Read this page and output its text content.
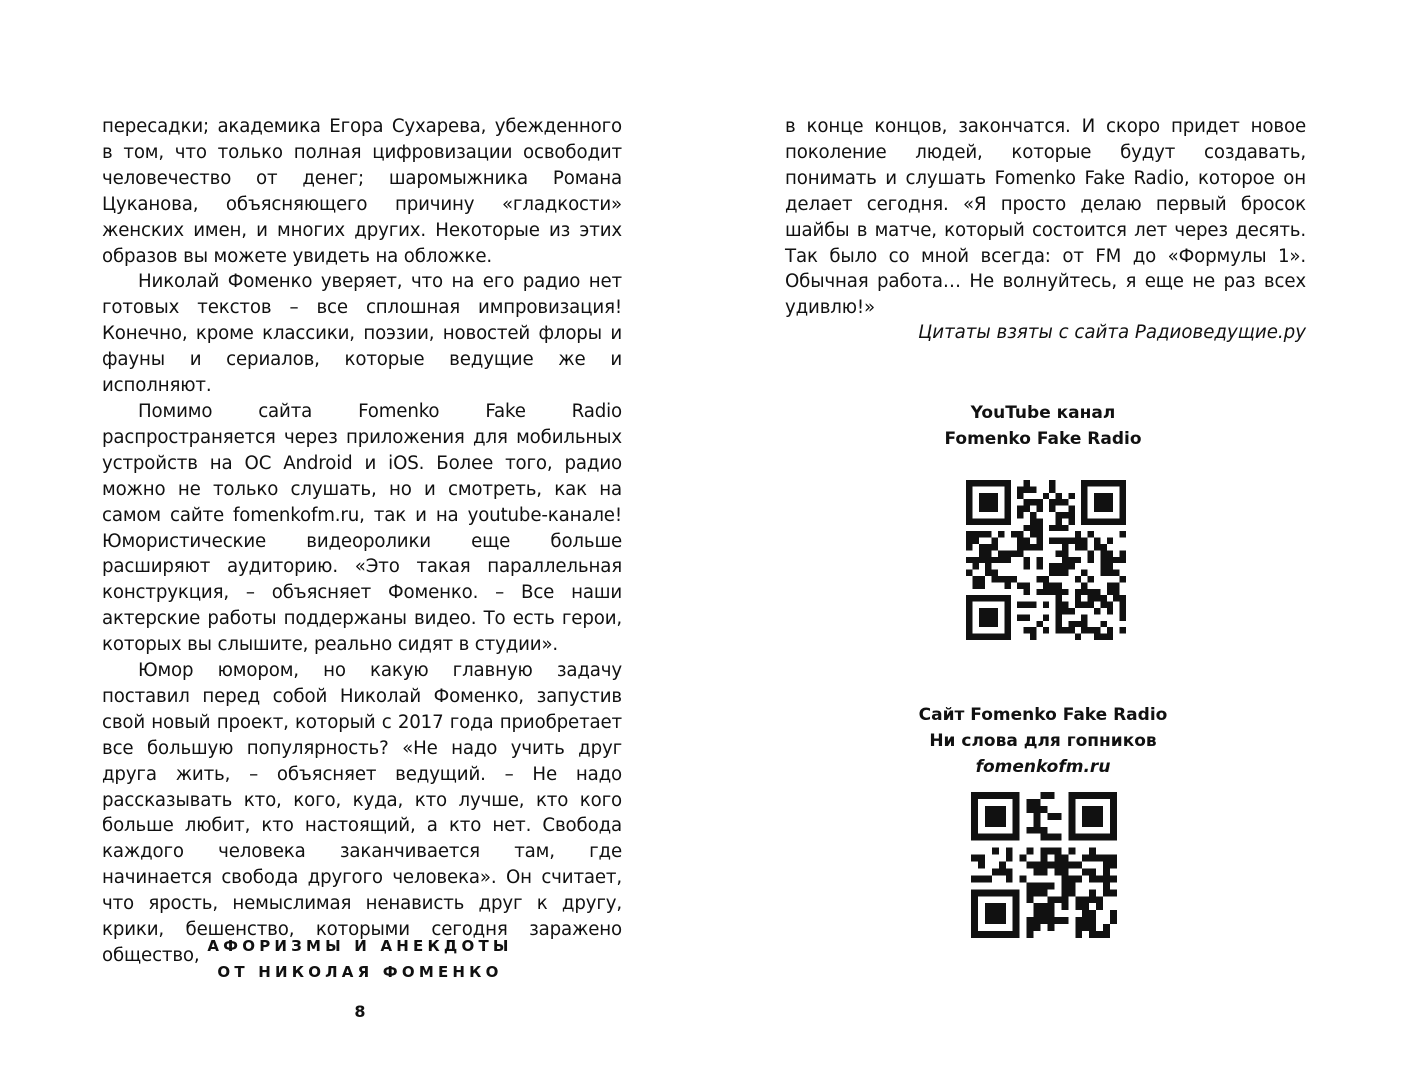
пересадки; академика Егора Сухарева, убежденного в том, что только полная цифровизации освободит человечество от денег; шаромыжника Романа Цуканова, объясняющего причину «гладкости» женских имен, и многих других. Некоторые из этих образов вы можете увидеть на обложке.

Николай Фоменко уверяет, что на его радио нет готовых текстов – все сплошная импровизация! Конечно, кроме классики, поэзии, новостей флоры и фауны и сериалов, которые ведущие же и исполняют.

Помимо сайта Fomenko Fake Radio распространяется через приложения для мобильных устройств на ОС Android и iOS. Более того, радио можно не только слушать, но и смотреть, как на самом сайте fomenkofm.ru, так и на youtube-канале! Юмористические видеоролики еще больше расширяют аудиторию. «Это такая параллельная конструкция, – объясняет Фоменко. – Все наши актерские работы поддержаны видео. То есть герои, которых вы слышите, реально сидят в студии».

Юмор юмором, но какую главную задачу поставил перед собой Николай Фоменко, запустив свой новый проект, который с 2017 года приобретает все большую популярность? «Не надо учить друг друга жить, – объясняет ведущий. – Не надо рассказывать кто, кого, куда, кто лучше, кто кого больше любит, кто настоящий, а кто нет. Свобода каждого человека заканчивается там, где начинается свобода другого человека». Он считает, что ярость, немыслимая ненависть друг к другу, крики, бешенство, которыми сегодня заражено общество, АФОРИЗМЫ И АНЕКДОТЫ
ОТ НИКОЛАЯ ФОМЕНКО
8

в конце концов, закончатся. И скоро придет новое поколение людей, которые будут создавать, понимать и слушать Fomenko Fake Radio, которое он делает сегодня. «Я просто делаю первый бросок шайбы в матче, который состоится лет через десять. Так было со мной всегда: от FM до «Формулы 1». Обычная работа… Не волнуйтесь, я еще не раз всех удивлю!»

Цитаты взяты с сайта Радиоведущие.ру
YouTube канал
Fomenko Fake Radio
Сайт Fomenko Fake Radio
Ни слова для гопников
fomenkofm.ru
